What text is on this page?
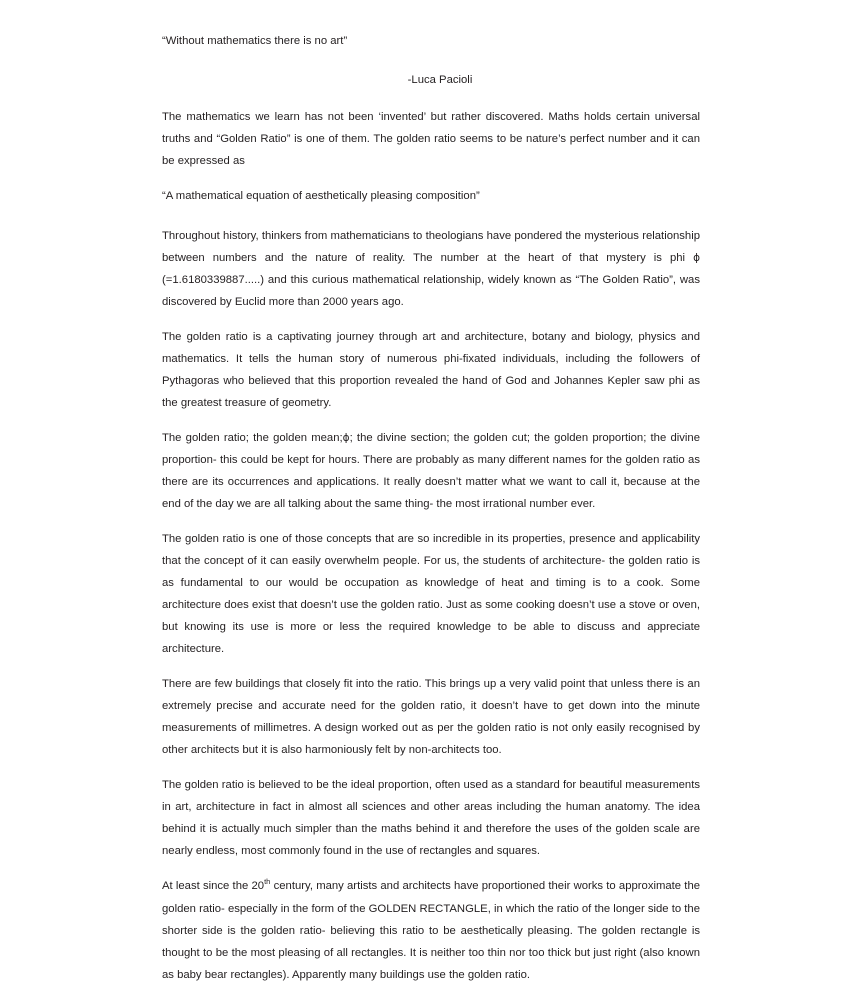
“Without mathematics there is no art”

-Luca Pacioli

The mathematics we learn has not been ‘invented’ but rather discovered. Maths holds certain universal truths and “Golden Ratio” is one of them. The golden ratio seems to be nature’s perfect number and it can be expressed as

“A mathematical equation of aesthetically pleasing composition”

Throughout history, thinkers from mathematicians to theologians have pondered the mysterious relationship between numbers and the nature of reality. The number at the heart of that mystery is phi ϕ (=1.6180339887.....) and this curious mathematical relationship, widely known as “The Golden Ratio”, was discovered by Euclid more than 2000 years ago.

The golden ratio is a captivating journey through art and architecture, botany and biology, physics and mathematics. It tells the human story of numerous phi-fixated individuals, including the followers of Pythagoras who believed that this proportion revealed the hand of God and Johannes Kepler saw phi as the greatest treasure of geometry.

The golden ratio; the golden mean;ϕ; the divine section; the golden cut; the golden proportion; the divine proportion- this could be kept for hours. There are probably as many different names for the golden ratio as there are its occurrences and applications. It really doesn’t matter what we want to call it, because at the end of the day we are all talking about the same thing- the most irrational number ever.

The golden ratio is one of those concepts that are so incredible in its properties, presence and applicability that the concept of it can easily overwhelm people. For us, the students of architecture- the golden ratio is as fundamental to our would be occupation as knowledge of heat and timing is to a cook. Some architecture does exist that doesn’t use the golden ratio. Just as some cooking doesn’t use a stove or oven, but knowing its use is more or less the required knowledge to be able to discuss and appreciate architecture.

There are few buildings that closely fit into the ratio. This brings up a very valid point that unless there is an extremely precise and accurate need for the golden ratio, it doesn’t have to get down into the minute measurements of millimetres. A design worked out as per the golden ratio is not only easily recognised by other architects but it is also harmoniously felt by non-architects too.

The golden ratio is believed to be the ideal proportion, often used as a standard for beautiful measurements in art, architecture in fact in almost all sciences and other areas including the human anatomy. The idea behind it is actually much simpler than the maths behind it and therefore the uses of the golden scale are nearly endless, most commonly found in the use of rectangles and squares.

At least since the 20th century, many artists and architects have proportioned their works to approximate the golden ratio- especially in the form of the GOLDEN RECTANGLE, in which the ratio of the longer side to the shorter side is the golden ratio- believing this ratio to be aesthetically pleasing. The golden rectangle is thought to be the most pleasing of all rectangles. It is neither too thin nor too thick but just right (also known as baby bear rectangles). Apparently many buildings use the golden ratio.
